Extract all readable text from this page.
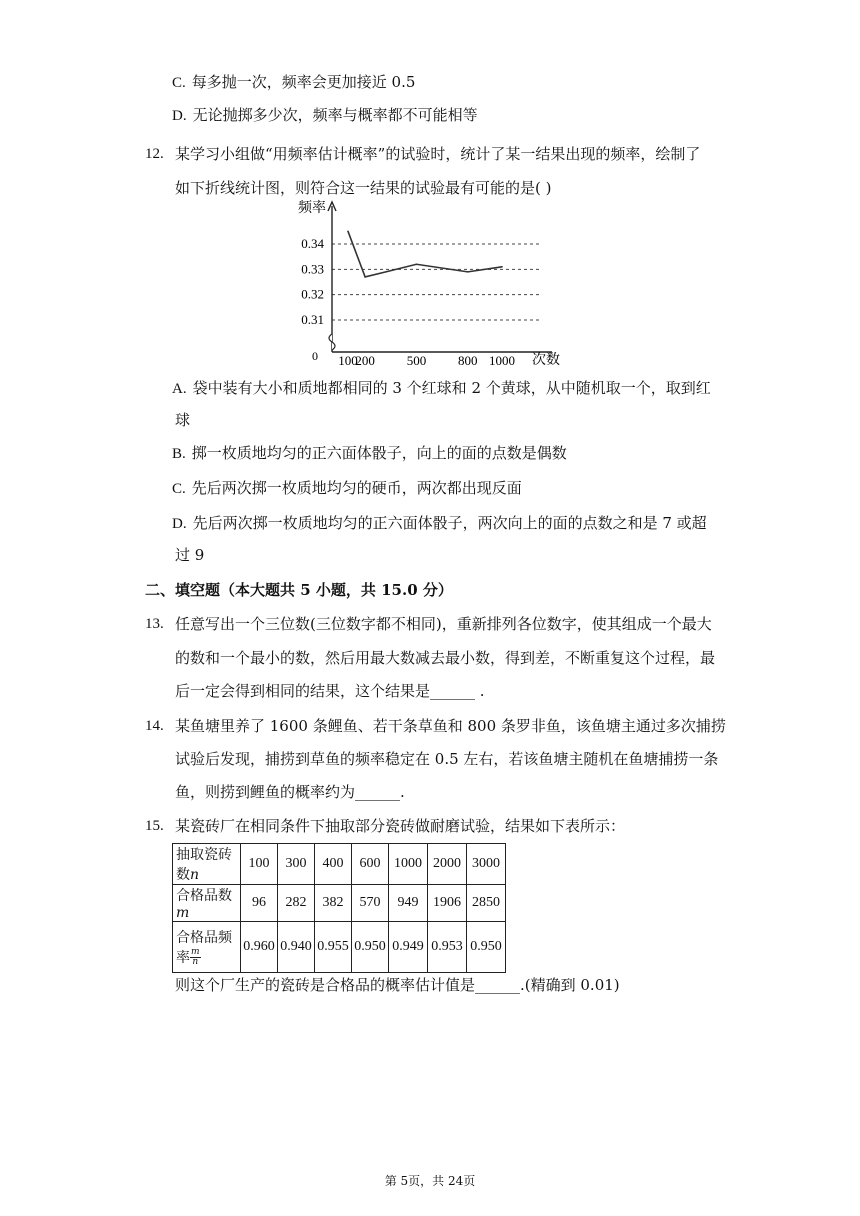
C. 每多抛一次，频率会更加接近 0.5
D. 无论抛掷多少次，频率与概率都不可能相等
12. 某学习小组做“用频率估计概率”的试验时，统计了某一结果出现的频率，绘制了
如下折线统计图，则符合这一结果的试验最有可能的是( )
0.34
0.33
0.32
0.31
100
200 500 800 1000
频率
次数
0
A. 袋中装有大小和质地都相同的 3 个红球和 2 个黄球，从中随机取一个，取到红
球
B. 掷一枚质地均匀的正六面体骰子，向上的面的点数是偶数
C. 先后两次掷一枚质地均匀的硬币，两次都出现反面
D. 先后两次掷一枚质地均匀的正六面体骰子，两次向上的面的点数之和是 7 或超
过 9
二、填空题（本大题共 5 小题，共 15.0 分）
13. 任意写出一个三位数(三位数字都不相同)，重新排列各位数字，使其组成一个最大
的数和一个最小的数，然后用最大数减去最小数，得到差，不断重复这个过程，最
后一定会得到相同的结果，这个结果是______ .
14. 某鱼塘里养了 1600 条鲤鱼、若干条草鱼和 800 条罗非鱼，该鱼塘主通过多次捕捞
试验后发现，捕捞到草鱼的频率稳定在 0.5 左右，若该鱼塘主随机在鱼塘捕捞一条
鱼，则捞到鲤鱼的概率约为______.
15. 某瓷砖厂在相同条件下抽取部分瓷砖做耐磨试验，结果如下表所示：
抽取瓷砖数n	100	300	400	600	1000	2000	3000
合格品数m	96	282	382	570	949	1906	2850
合格品频率 $\frac{m}{n}$	0.960	0.940	0.955	0.950	0.949	0.953	0.950
则这个厂生产的瓷砖是合格品的概率估计值是______.(精确到 0.01)
第 5页，共 24页
